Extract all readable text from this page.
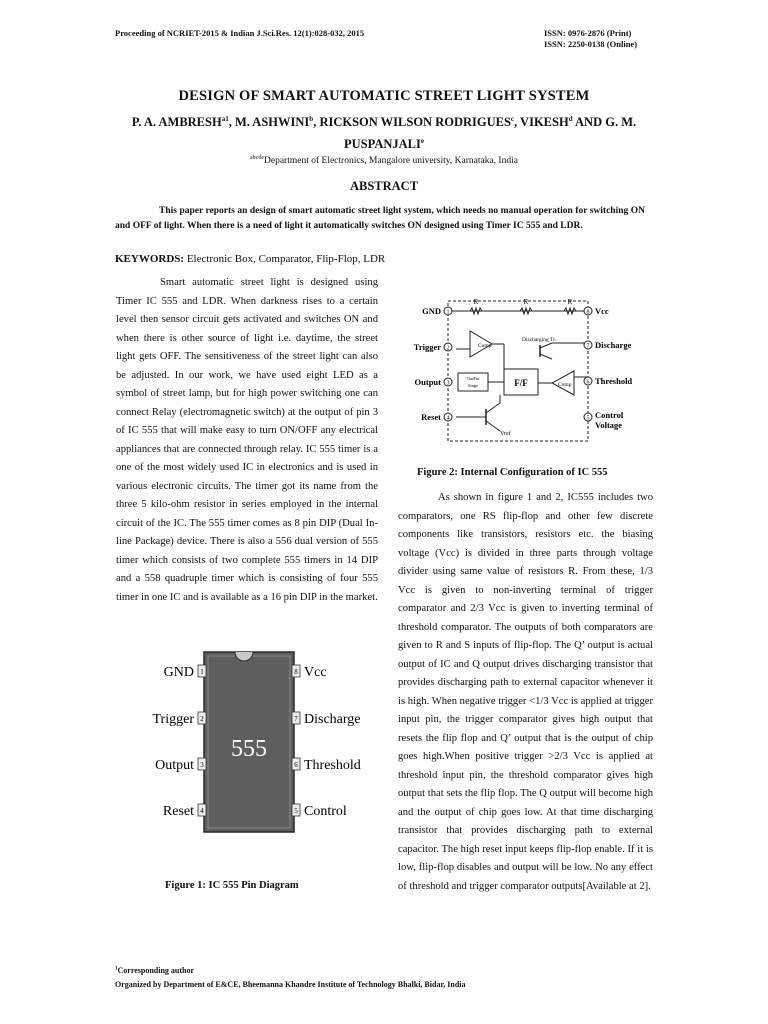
Proceeding of NCRIET-2015 & Indian J.Sci.Res. 12(1):028-032, 2015	ISSN: 0976-2876 (Print)
ISSN: 2250-0138 (Online)
DESIGN OF SMART AUTOMATIC STREET LIGHT SYSTEM
P. A. $AMBRESH^{a1}$, M. ASHWINI$^b$, RICKSON WILSON RODRIGUES$^c$, VIKESH$^d$ AND G. M. PUSPANJALI$^e$
$^{abcde}$Department of Electronics, Mangalore university, Karnataka, India
ABSTRACT
This paper reports an design of smart automatic street light system, which needs no manual operation for switching ON and OFF of light. When there is a need of light it automatically switches ON designed using Timer IC 555 and LDR.
KEYWORDS: Electronic Box, Comparator, Flip-Flop, LDR
Smart automatic street light is designed using Timer IC 555 and LDR. When darkness rises to a certain level then sensor circuit gets activated and switches ON and when there is other source of light i.e. daytime, the street light gets OFF. The sensitiveness of the street light can also be adjusted. In our work, we have used eight LED as a symbol of street lamp, but for high power switching one can connect Relay (electromagnetic switch) at the output of pin 3 of IC 555 that will make easy to turn ON/OFF any electrical appliances that are connected through relay. IC 555 timer is a one of the most widely used IC in electronics and is used in various electronic circuits. The timer got its name from the three 5 kilo-ohm resistor in series employed in the internal circuit of the IC. The 555 timer comes as 8 pin DIP (Dual In-line Package) device. There is also a 556 dual version of 555 timer which consists of two complete 555 timers in 14 DIP and a 558 quadruple timer which is consisting of four 555 timer in one IC and is available as a 16 pin DIP in the market.
As shown in figure 1 and 2, IC555 includes two comparators, one RS flip-flop and other few discrete components like transistors, resistors etc. the biasing voltage (Vcc) is divided in three parts through voltage divider using same value of resistors R. From these, 1/3 Vcc is given to non-inverting terminal of trigger comparator and 2/3 Vcc is given to inverting terminal of threshold comparator. The outputs of both comparators are given to R and S inputs of flip-flop. The Q’ output is actual output of IC and Q output drives discharging transistor that provides discharging path to external capacitor whenever it is high. When negative trigger <1/3 Vcc is applied at trigger input pin, the trigger comparator gives high output that resets the flip flop and Q’ output that is the output of chip goes high.When positive trigger >2/3 Vcc is applied at threshold input pin, the threshold comparator gives high output that sets the flip flop. The Q output will become high and the output of chip goes low. At that time discharging transistor that provides discharging path to external capacitor. The high reset input keeps flip-flop enable. If it is low, flip-flop disables and output will be low. No any effect of threshold and trigger comparator outputs[Available at 2].
555
1
GND
2
Trigger
3
Output
4
Reset
8 Vcc
7 Discharge
6 Threshold
5 Control
Figure 1: IC 555 Pin Diagram
R	R	R
Comp
Discharging Tr.
F/F
OutPut
Stage	Comp
Vref
1
GND
2
Trigger
3
Output
4
Reset
8 Vcc
7 Discharge
6 Threshold
5 Control
Voltage
Figure 2: Internal Configuration of IC 555
$^1$Corresponding author
Organized by Department of E&CE, Bheemanna Khandre Institute of Technology Bhalki, Bidar, India
